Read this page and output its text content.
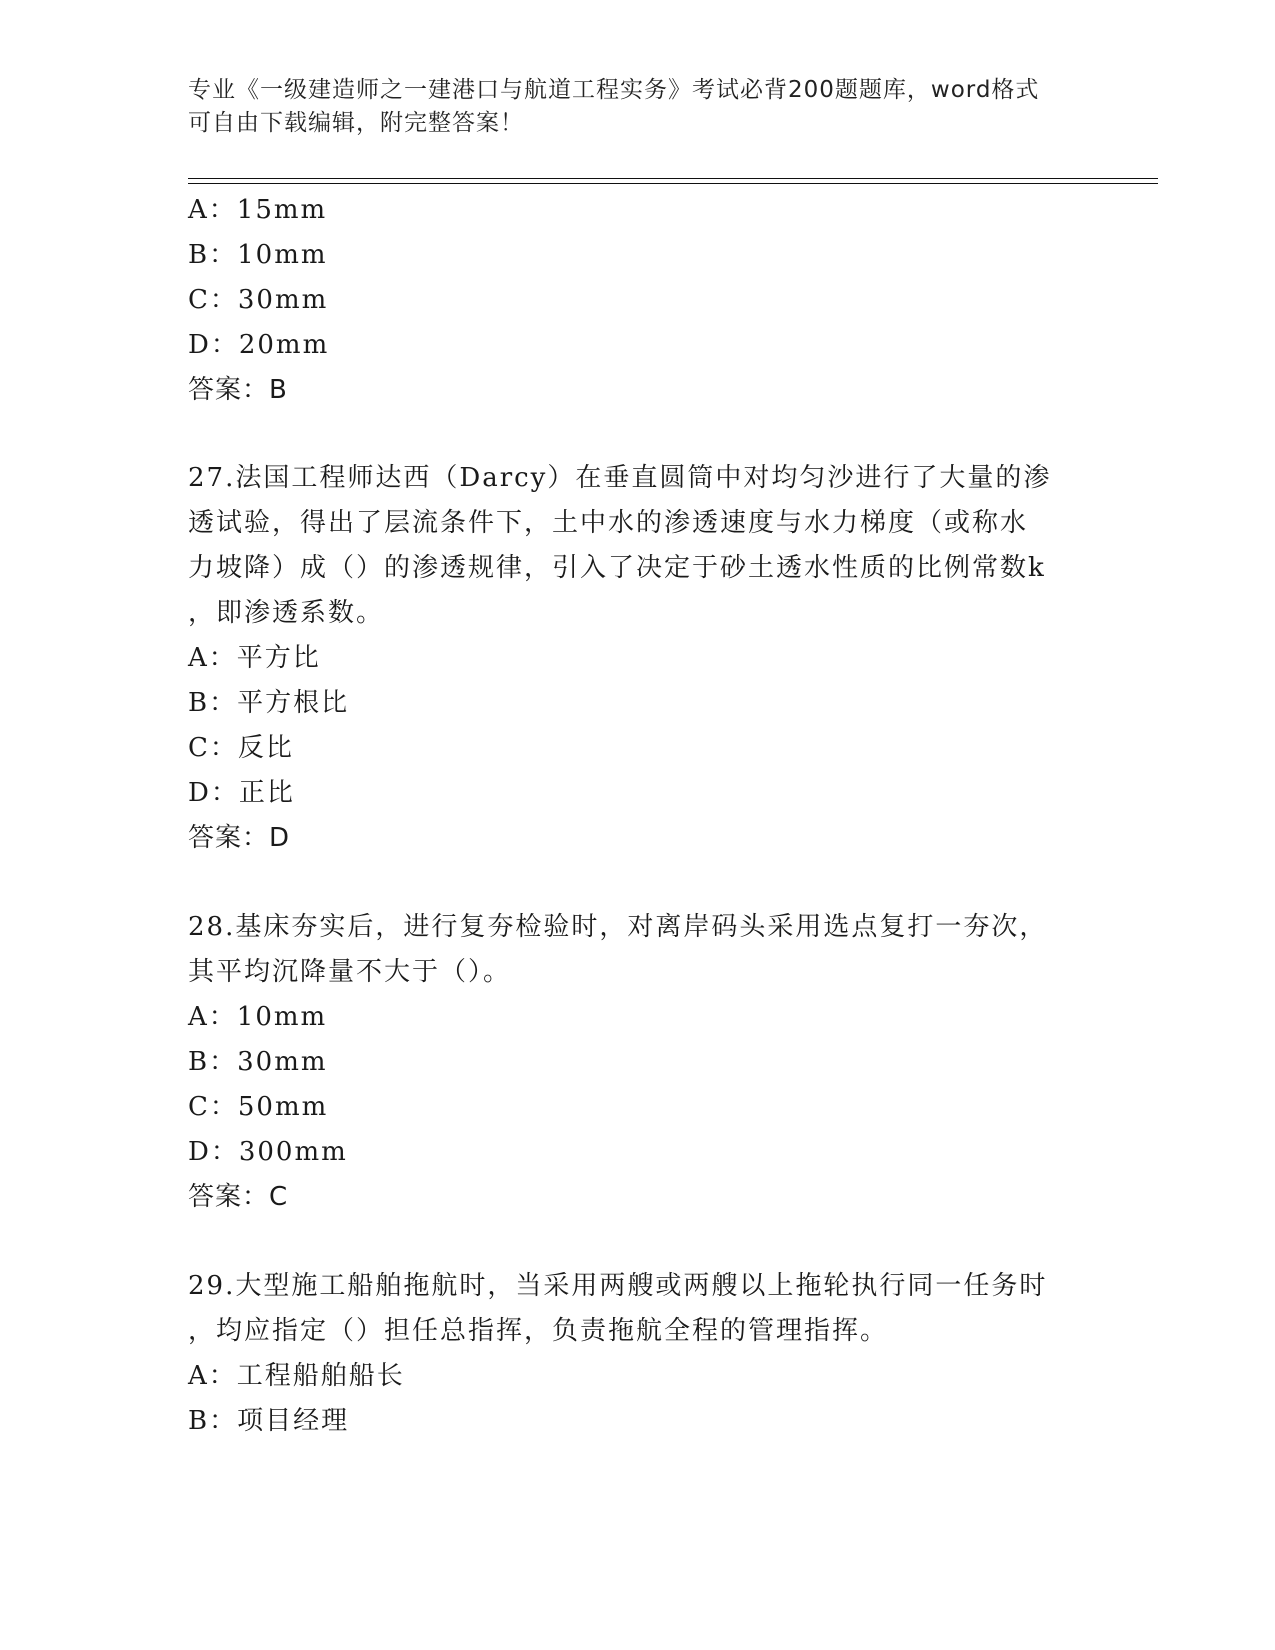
专业《一级建造师之一建港口与航道工程实务》考试必背200题题库，word格式
可自由下载编辑，附完整答案！
A：15mm
B：10mm
C：30mm
D：20mm
答案：B
27.法国工程师达西（Darcy）在垂直圆筒中对均匀沙进行了大量的渗
透试验，得出了层流条件下，土中水的渗透速度与水力梯度（或称水
力坡降）成（）的渗透规律，引入了决定于砂土透水性质的比例常数k
，即渗透系数。
A：平方比
B：平方根比
C：反比
D：正比
答案：D
28.基床夯实后，进行复夯检验时，对离岸码头采用选点复打一夯次，
其平均沉降量不大于（）。
A：10mm
B：30mm
C：50mm
D：300mm
答案：C
29.大型施工船舶拖航时，当采用两艘或两艘以上拖轮执行同一任务时
，均应指定（）担任总指挥，负责拖航全程的管理指挥。
A：工程船舶船长
B：项目经理
